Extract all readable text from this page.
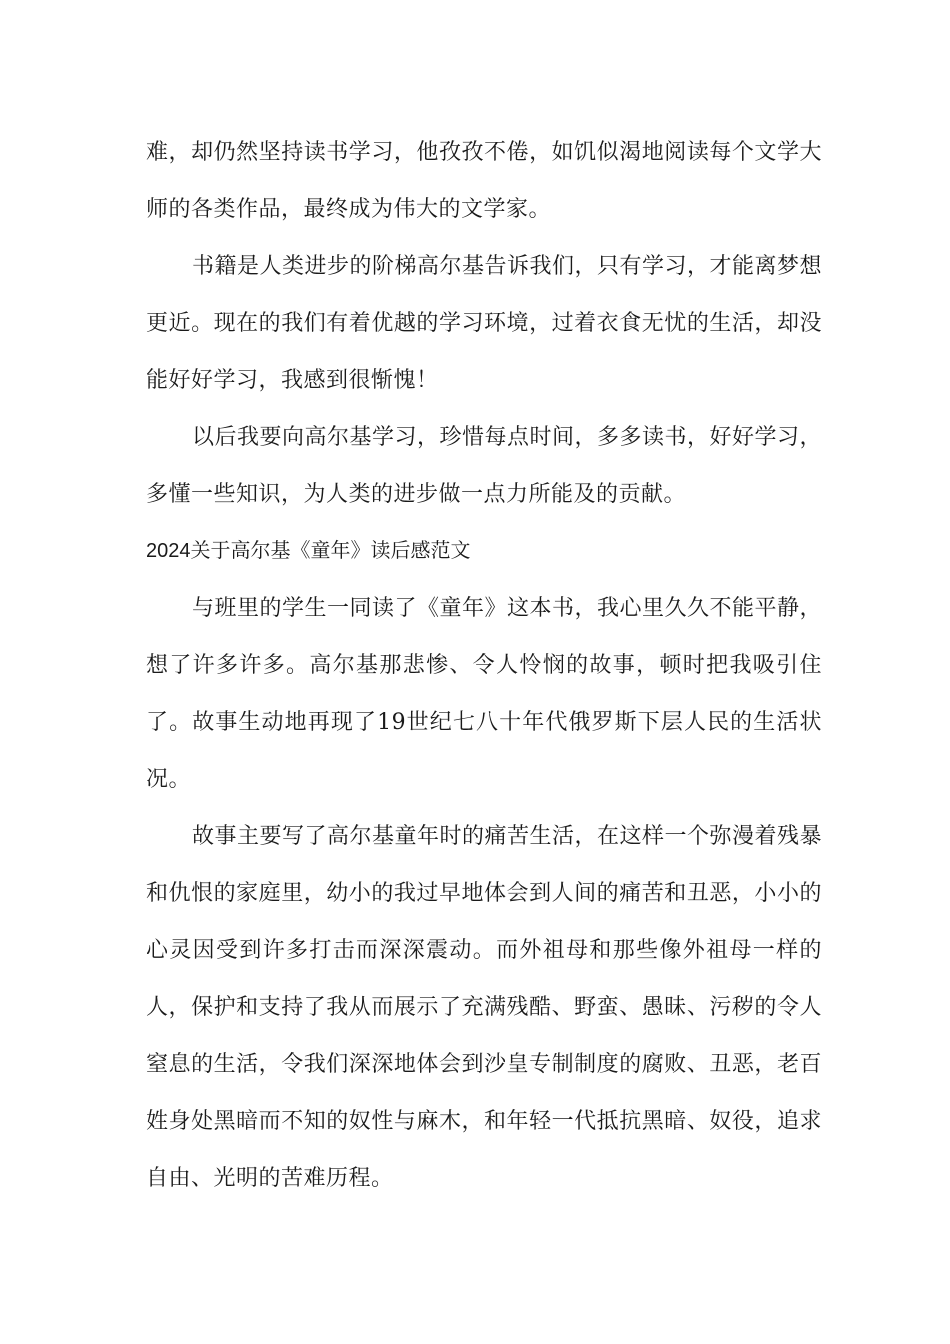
难，却仍然坚持读书学习，他孜孜不倦，如饥似渴地阅读每个文学大师的各类作品，最终成为伟大的文学家。

书籍是人类进步的阶梯高尔基告诉我们，只有学习，才能离梦想更近。现在的我们有着优越的学习环境，过着衣食无忧的生活，却没能好好学习，我感到很惭愧！

以后我要向高尔基学习，珍惜每点时间，多多读书，好好学习，多懂一些知识，为人类的进步做一点力所能及的贡献。

2024关于高尔基《童年》读后感范文

与班里的学生一同读了《童年》这本书，我心里久久不能平静，想了许多许多。高尔基那悲惨、令人怜悯的故事，顿时把我吸引住了。故事生动地再现了19世纪七八十年代俄罗斯下层人民的生活状况。

故事主要写了高尔基童年时的痛苦生活，在这样一个弥漫着残暴和仇恨的家庭里，幼小的我过早地体会到人间的痛苦和丑恶，小小的心灵因受到许多打击而深深震动。而外祖母和那些像外祖母一样的人，保护和支持了我从而展示了充满残酷、野蛮、愚昧、污秽的令人窒息的生活，令我们深深地体会到沙皇专制制度的腐败、丑恶，老百姓身处黑暗而不知的奴性与麻木，和年轻一代抵抗黑暗、奴役，追求自由、光明的苦难历程。
